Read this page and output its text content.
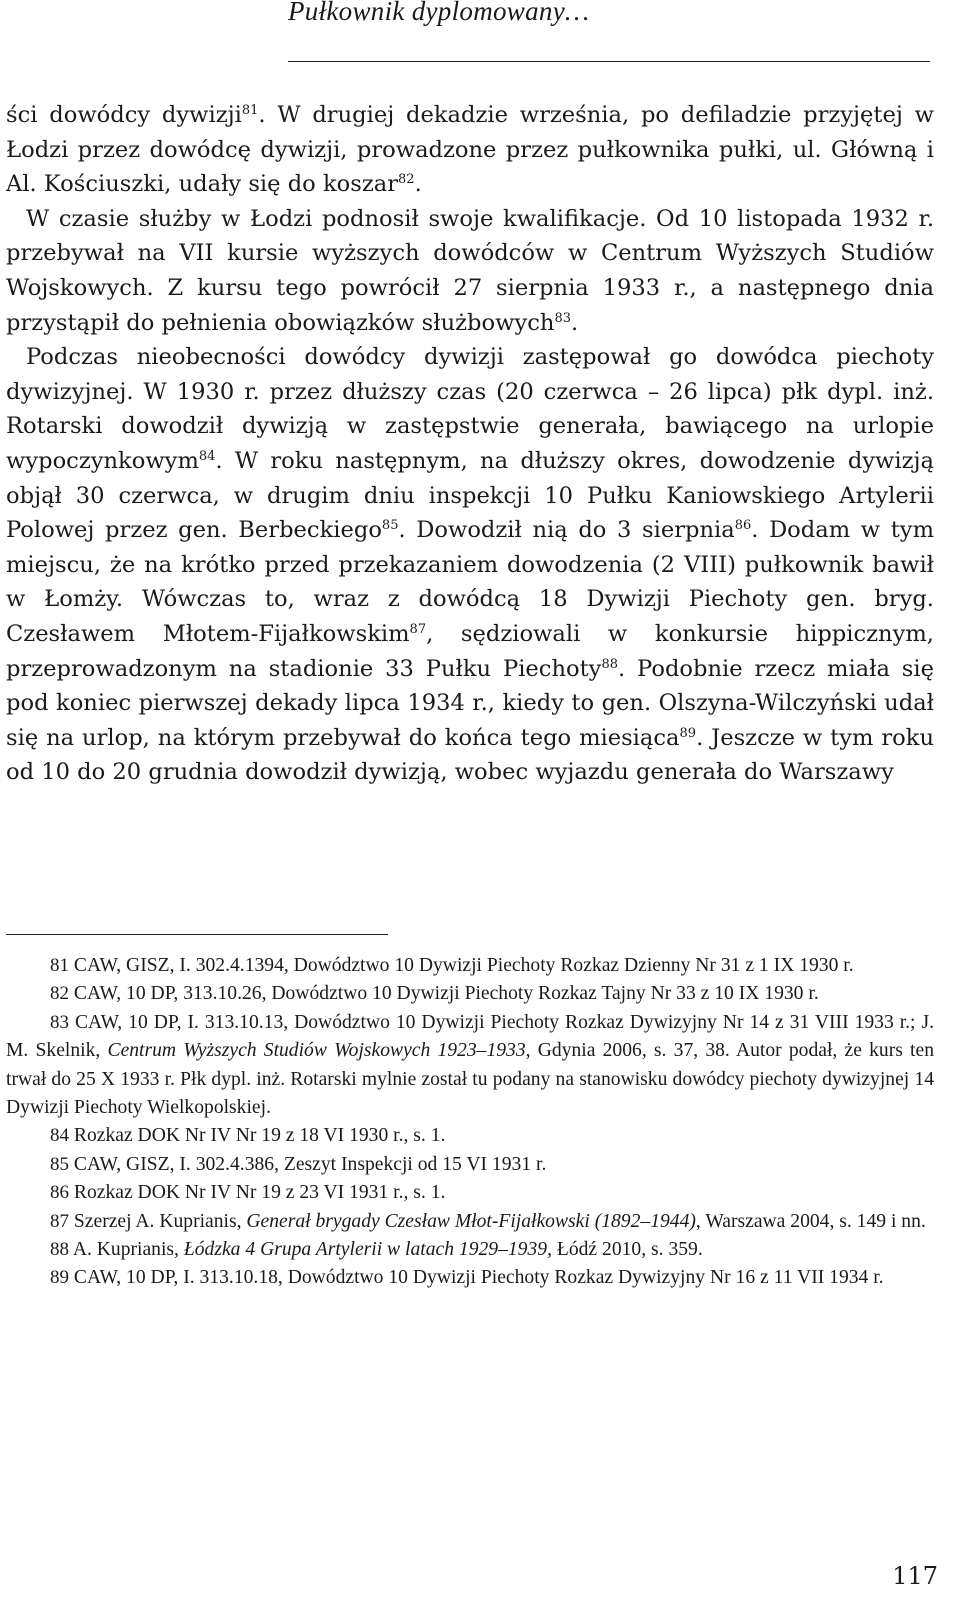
Pułkownik dyplomowany…

ści dowódcy dywizji$^{81}$. W drugiej dekadzie września, po defiladzie przyjętej w Łodzi przez dowódcę dywizji, prowadzone przez pułkownika pułki, ul. Główną i Al. Kościuszki, udały się do koszar$^{82}$.

W czasie służby w Łodzi podnosił swoje kwalifikacje. Od 10 listopada 1932 r. przebywał na VII kursie wyższych dowódców w Centrum Wyższych Studiów Wojskowych. Z kursu tego powrócił 27 sierpnia 1933 r., a następnego dnia przystąpił do pełnienia obowiązków służbowych$^{83}$.

Podczas nieobecności dowódcy dywizji zastępował go dowódca piechoty dywizyjnej. W 1930 r. przez dłuższy czas (20 czerwca – 26 lipca) płk dypl. inż. Rotarski dowodził dywizją w zastępstwie generała, bawiącego na urlopie wypoczynkowym$^{84}$. W roku następnym, na dłuższy okres, dowodzenie dywizją objął 30 czerwca, w drugim dniu inspekcji 10 Pułku Kaniowskiego Artylerii Polowej przez gen. Berbeckiego$^{85}$. Dowodził nią do 3 sierpnia$^{86}$. Dodam w tym miejscu, że na krótko przed przekazaniem dowodzenia (2 VIII) pułkownik bawił w Łomży. Wówczas to, wraz z dowódcą 18 Dywizji Piechoty gen. bryg. Czesławem Młotem-Fijałkowskim$^{87}$, sędziowali w konkursie hippicznym, przeprowadzonym na stadionie 33 Pułku Piechoty$^{88}$. Podobnie rzecz miała się pod koniec pierwszej dekady lipca 1934 r., kiedy to gen. Olszyna-Wilczyński udał się na urlop, na którym przebywał do końca tego miesiąca$^{89}$. Jeszcze w tym roku od 10 do 20 grudnia dowodził dywizją, wobec wyjazdu generała do Warszawy

81 CAW, GISZ, I. 302.4.1394, Dowództwo 10 Dywizji Piechoty Rozkaz Dzienny Nr 31 z 1 IX 1930 r.

82 CAW, 10 DP, 313.10.26, Dowództwo 10 Dywizji Piechoty Rozkaz Tajny Nr 33 z 10 IX 1930 r.

83 CAW, 10 DP, I. 313.10.13, Dowództwo 10 Dywizji Piechoty Rozkaz Dywizyjny Nr 14 z 31 VIII 1933 r.; J. M. Skelnik, Centrum Wyższych Studiów Wojskowych 1923–1933, Gdynia 2006, s. 37, 38. Autor podał, że kurs ten trwał do 25 X 1933 r. Płk dypl. inż. Rotarski mylnie został tu podany na stanowisku dowódcy piechoty dywizyjnej 14 Dywizji Piechoty Wielkopolskiej.

84 Rozkaz DOK Nr IV Nr 19 z 18 VI 1930 r., s. 1.

85 CAW, GISZ, I. 302.4.386, Zeszyt Inspekcji od 15 VI 1931 r.

86 Rozkaz DOK Nr IV Nr 19 z 23 VI 1931 r., s. 1.

87 Szerzej A. Kuprianis, Generał brygady Czesław Młot-Fijałkowski (1892–1944), Warszawa 2004, s. 149 i nn.

88 A. Kuprianis, Łódzka 4 Grupa Artylerii w latach 1929–1939, Łódź 2010, s. 359.

89 CAW, 10 DP, I. 313.10.18, Dowództwo 10 Dywizji Piechoty Rozkaz Dywizyjny Nr 16 z 11 VII 1934 r.

117
